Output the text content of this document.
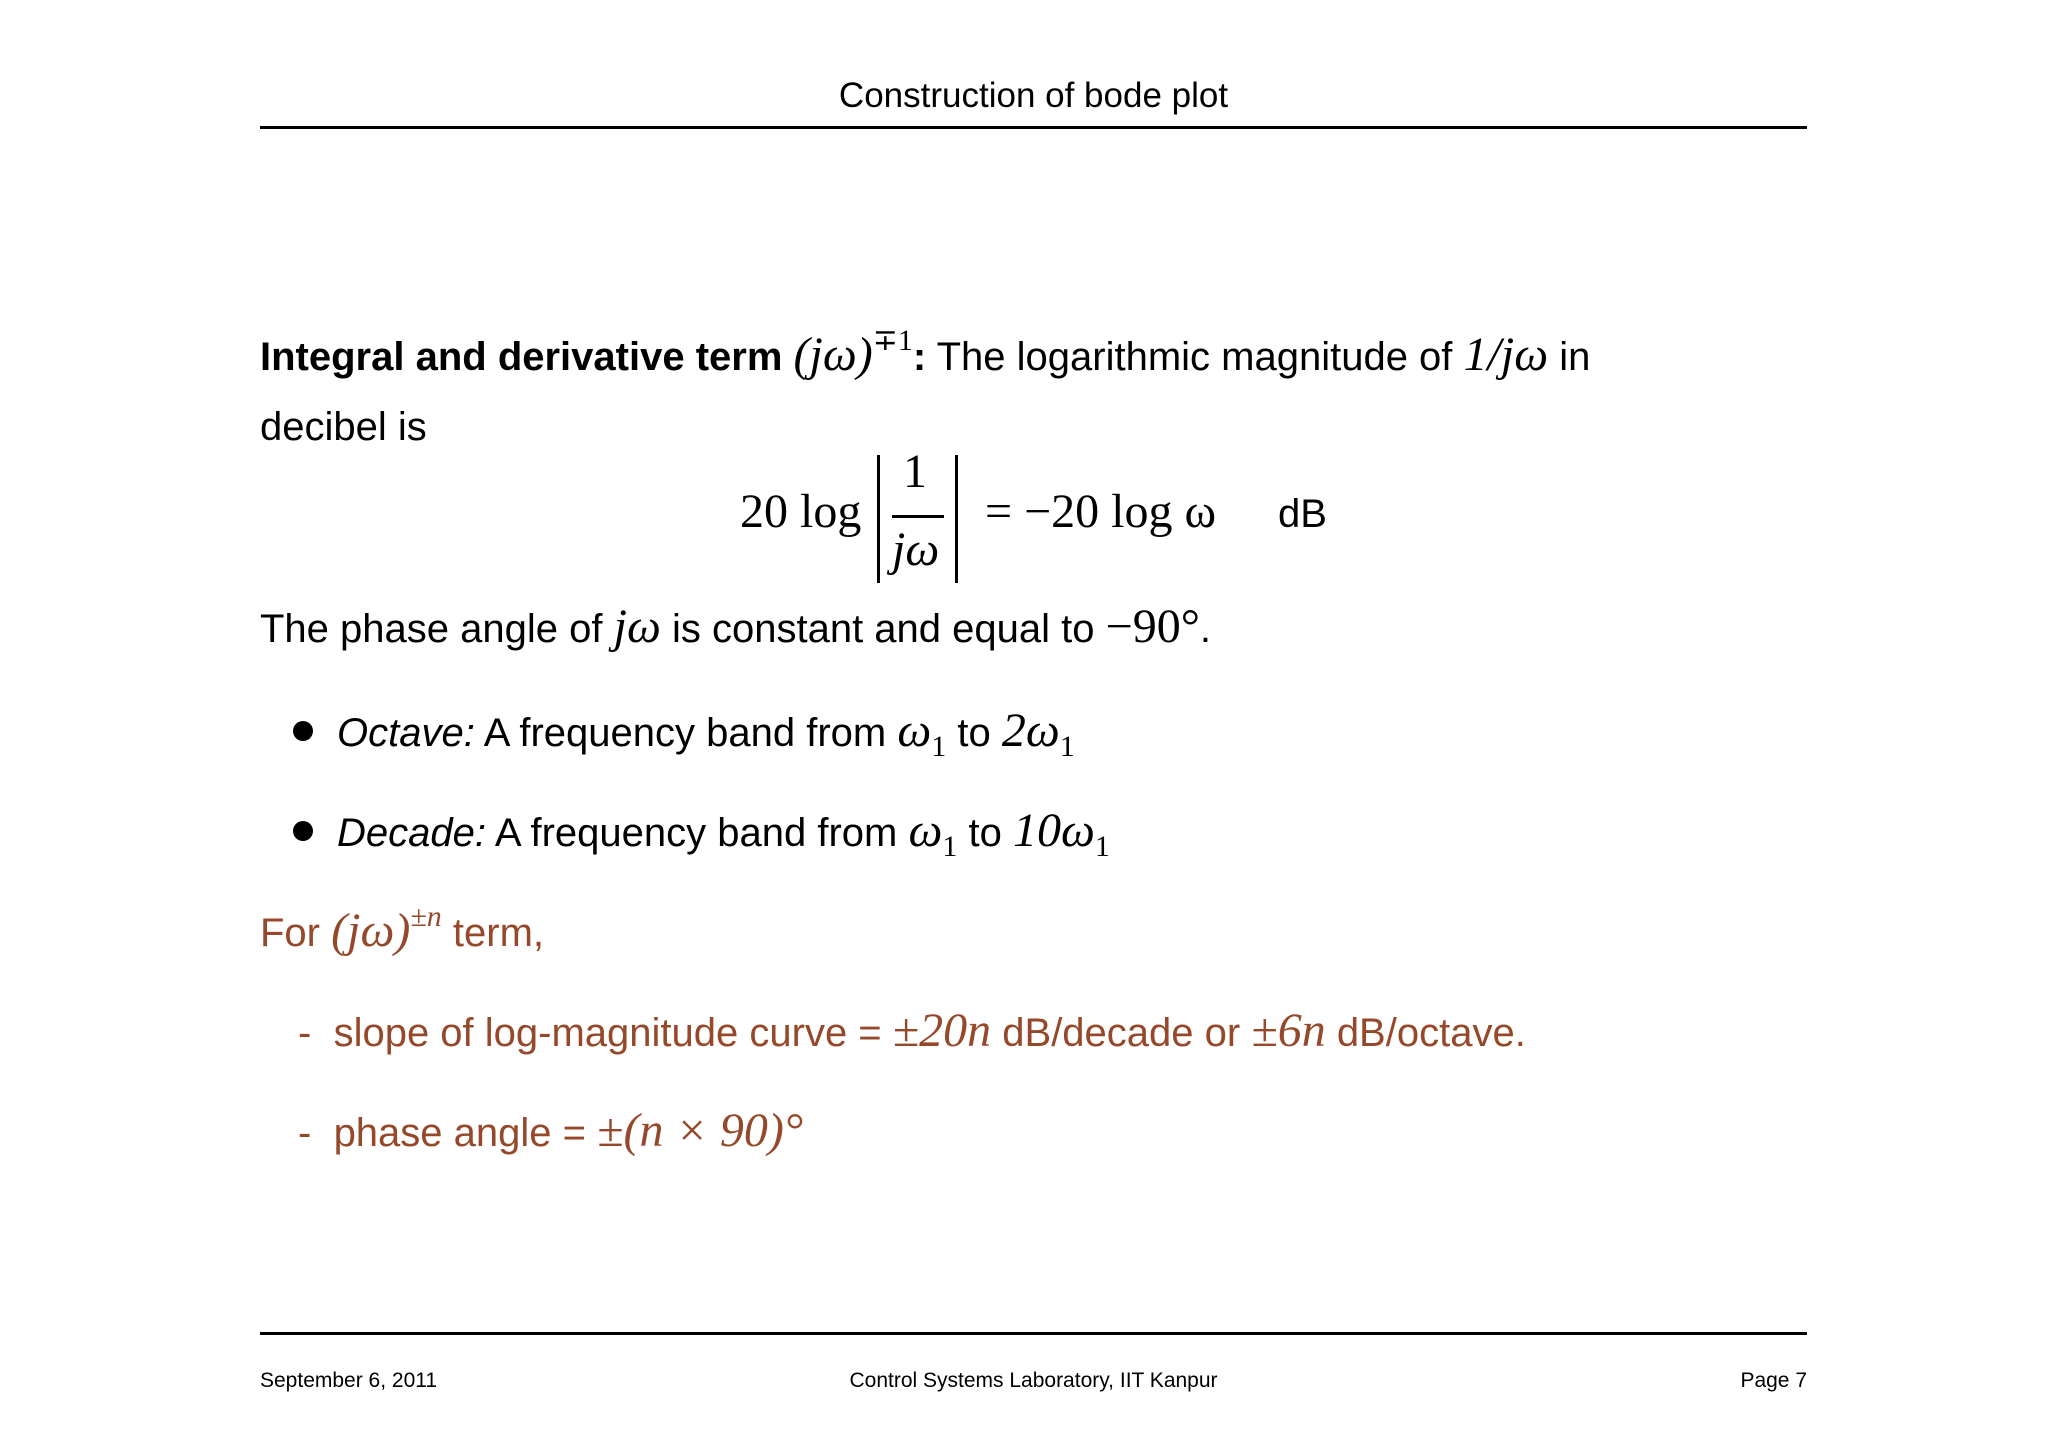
Construction of bode plot
Integral and derivative term $(j\omega)^{\mp 1}$: The logarithmic magnitude of 1/jω in
decibel is
20 log
1
jω
= −20 log ω dB
The phase angle of jω is constant and equal to −90°.
Octave: A frequency band from $\omega_1$ to $2\omega_1$
Decade: A frequency band from $\omega_1$ to $10\omega_1$
For $(j\omega)^{\pm n}$ term,
- slope of log-magnitude curve = ±20n dB/decade or ±6n dB/octave.
- phase angle = ±(n × 90)°
September 6, 2011	Control Systems Laboratory, IIT Kanpur	Page 7
